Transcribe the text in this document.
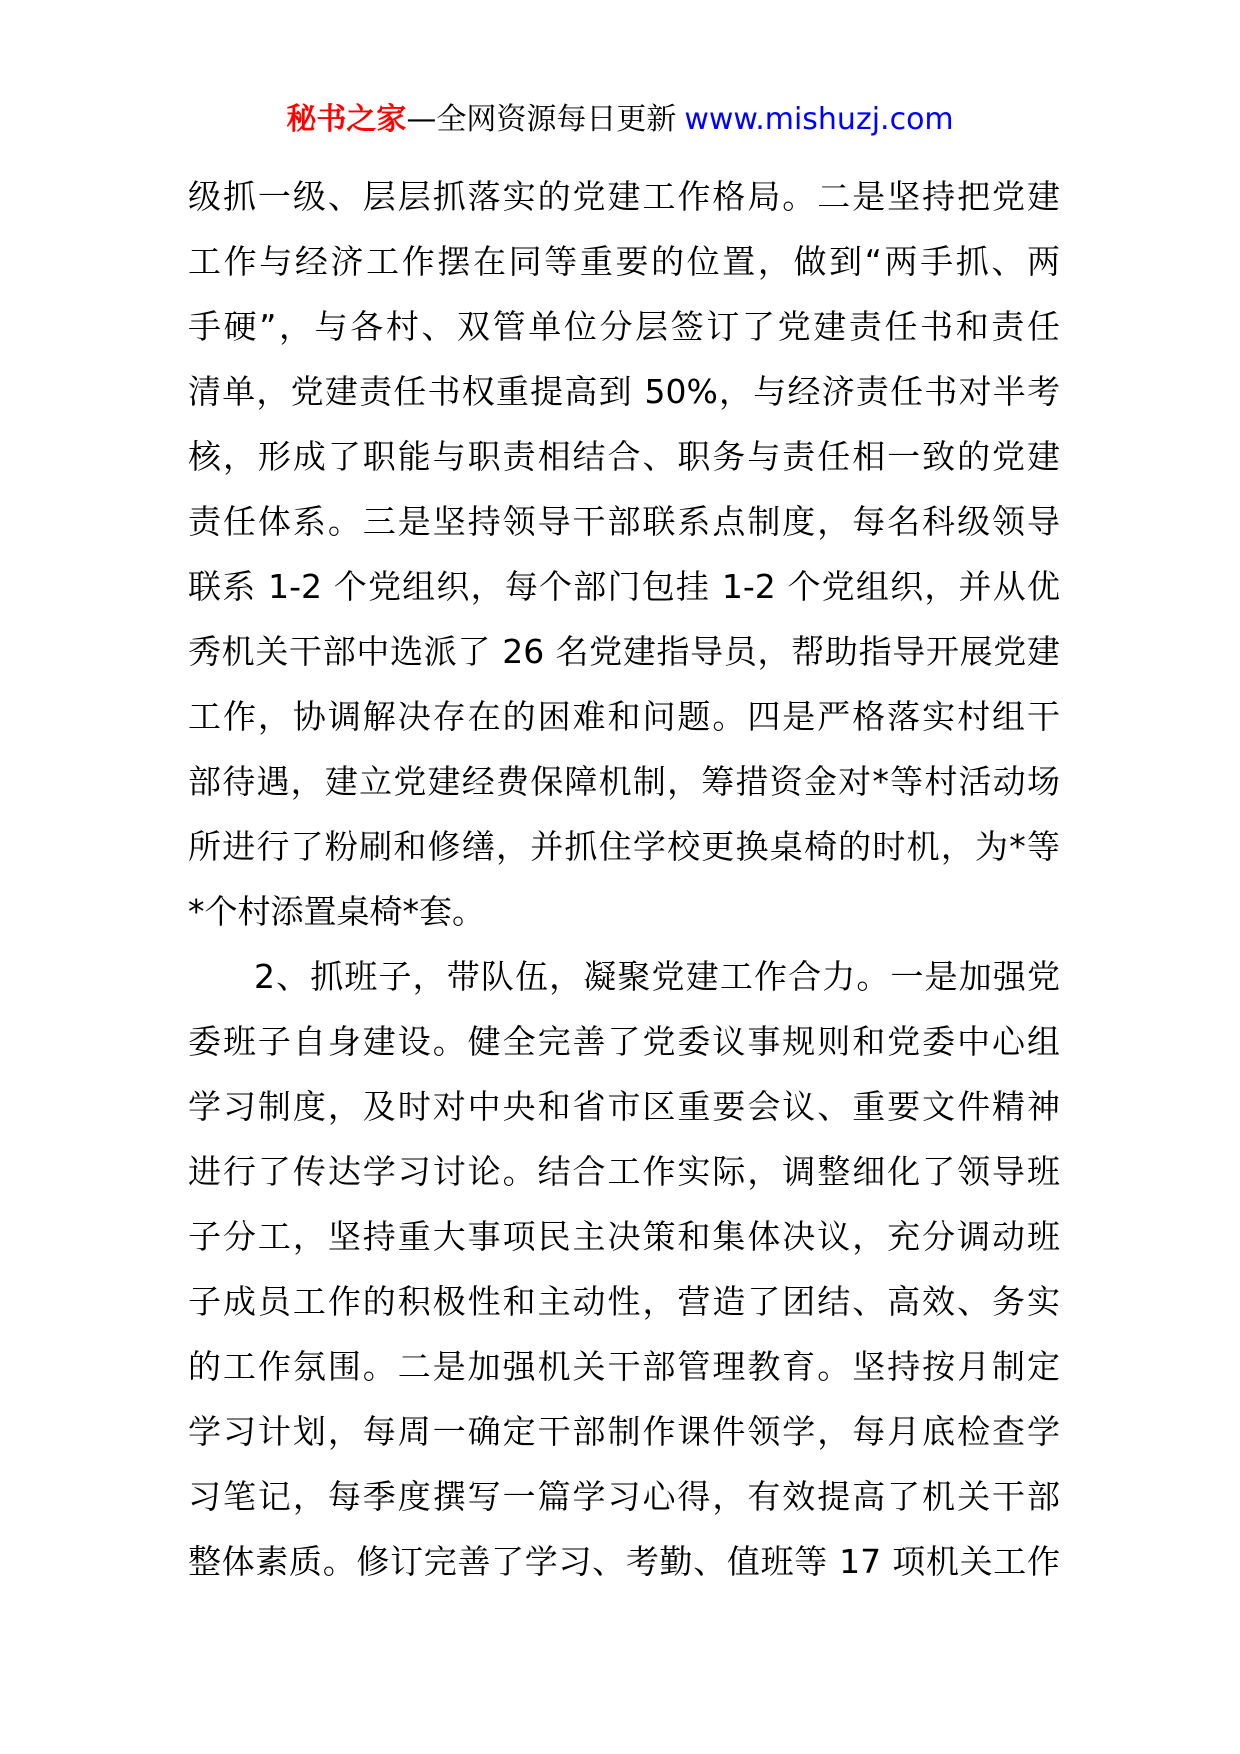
秘书之家—全网资源每日更新 www.mishuzj.com
级抓一级、层层抓落实的党建工作格局。二是坚持把党建
工作与经济工作摆在同等重要的位置，做到“两手抓、两
手硬”，与各村、双管单位分层签订了党建责任书和责任
清单，党建责任书权重提高到 50%，与经济责任书对半考
核，形成了职能与职责相结合、职务与责任相一致的党建
责任体系。三是坚持领导干部联系点制度，每名科级领导
联系 1-2 个党组织，每个部门包挂 1-2 个党组织，并从优
秀机关干部中选派了 26 名党建指导员，帮助指导开展党建
工作，协调解决存在的困难和问题。四是严格落实村组干
部待遇，建立党建经费保障机制，筹措资金对*等村活动场
所进行了粉刷和修缮，并抓住学校更换桌椅的时机，为*等
*个村添置桌椅*套。
2、抓班子，带队伍，凝聚党建工作合力。一是加强党
委班子自身建设。健全完善了党委议事规则和党委中心组
学习制度，及时对中央和省市区重要会议、重要文件精神
进行了传达学习讨论。结合工作实际，调整细化了领导班
子分工，坚持重大事项民主决策和集体决议，充分调动班
子成员工作的积极性和主动性，营造了团结、高效、务实
的工作氛围。二是加强机关干部管理教育。坚持按月制定
学习计划，每周一确定干部制作课件领学，每月底检查学
习笔记，每季度撰写一篇学习心得，有效提高了机关干部
整体素质。修订完善了学习、考勤、值班等 17 项机关工作
